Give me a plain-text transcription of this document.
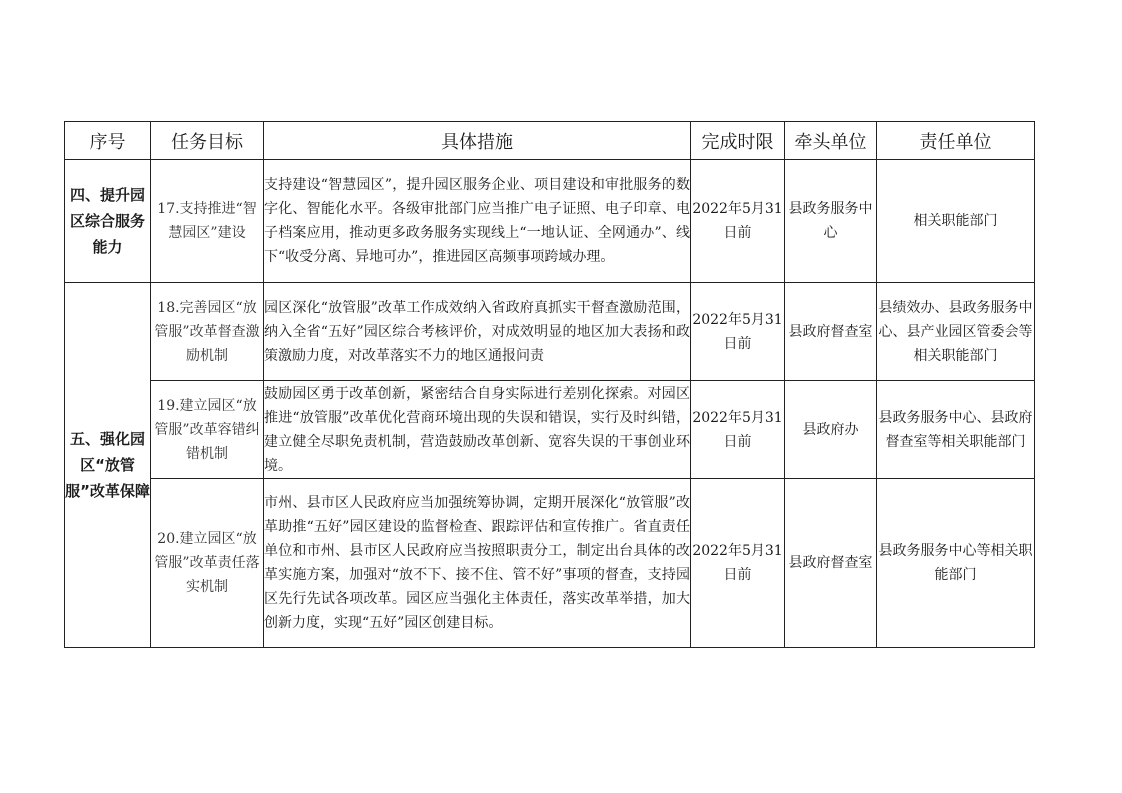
序号	任务目标	具体措施	完成时限	牵头单位	责任单位
四、提升园区综合服务能力	17.支持推进“智慧园区”建设	支持建设“智慧园区”，提升园区服务企业、项目建设和审批服务的数字化、智能化水平。各级审批部门应当推广电子证照、电子印章、电子档案应用，推动更多政务服务实现线上“一地认证、全网通办”、线下“收受分离、异地可办”，推进园区高频事项跨域办理。	2022年5月31日前	县政务服务中心	相关职能部门
五、强化园区“放管服”改革保障	18.完善园区“放管服”改革督查激励机制	园区深化“放管服”改革工作成效纳入省政府真抓实干督查激励范围，纳入全省“五好”园区综合考核评价，对成效明显的地区加大表扬和政策激励力度，对改革落实不力的地区通报问责	2022年5月31日前	县政府督查室	县绩效办、县政务服务中心、县产业园区管委会等相关职能部门
	19.建立园区“放管服”改革容错纠错机制	鼓励园区勇于改革创新，紧密结合自身实际进行差别化探索。对园区推进“放管服”改革优化营商环境出现的失误和错误，实行及时纠错，建立健全尽职免责机制，营造鼓励改革创新、宽容失误的干事创业环境。	2022年5月31日前	县政府办	县政务服务中心、县政府督查室等相关职能部门
	20.建立园区“放管服”改革责任落实机制	市州、县市区人民政府应当加强统筹协调，定期开展深化“放管服”改革助推“五好”园区建设的监督检查、跟踪评估和宣传推广。省直责任单位和市州、县市区人民政府应当按照职责分工，制定出台具体的改革实施方案，加强对“放不下、接不住、管不好”事项的督查，支持园区先行先试各项改革。园区应当强化主体责任，落实改革举措，加大创新力度，实现“五好”园区创建目标。	2022年5月31日前	县政府督查室	县政务服务中心等相关职能部门
